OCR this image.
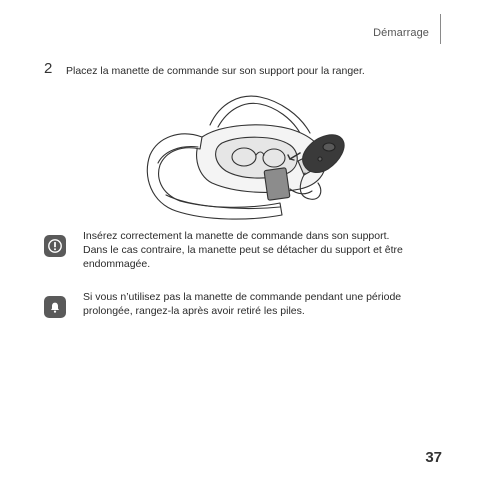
Démarrage
2 Placez la manette de commande sur son support pour la ranger.
Insérez correctement la manette de commande dans son support.
Dans le cas contraire, la manette peut se détacher du support et être
endommagée.
Si vous n’utilisez pas la manette de commande pendant une période
prolongée, rangez-la après avoir retiré les piles.
37
